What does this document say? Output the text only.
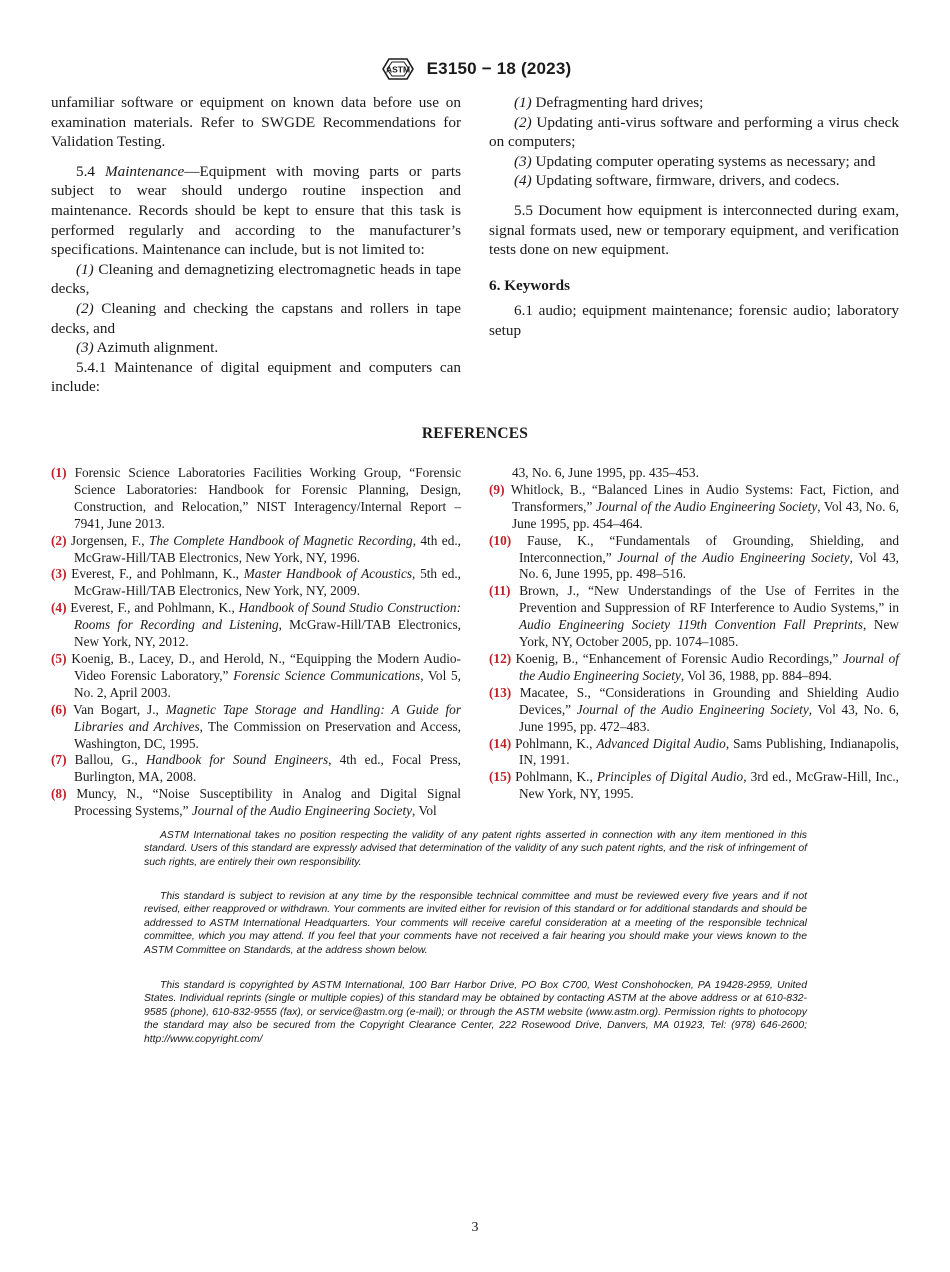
ASTM E3150 − 18 (2023)

unfamiliar software or equipment on known data before use on examination materials. Refer to SWGDE Recommendations for Validation Testing.

5.4 Maintenance—Equipment with moving parts or parts subject to wear should undergo routine inspection and maintenance. Records should be kept to ensure that this task is performed regularly and according to the manufacturer’s specifications. Maintenance can include, but is not limited to:

(1) Cleaning and demagnetizing electromagnetic heads in tape decks,

(2) Cleaning and checking the capstans and rollers in tape decks, and

(3) Azimuth alignment.

5.4.1 Maintenance of digital equipment and computers can include:

(1) Defragmenting hard drives;

(2) Updating anti-virus software and performing a virus check on computers;

(3) Updating computer operating systems as necessary; and

(4) Updating software, firmware, drivers, and codecs.

5.5 Document how equipment is interconnected during exam, signal formats used, new or temporary equipment, and verification tests done on new equipment.

6. Keywords

6.1 audio; equipment maintenance; forensic audio; laboratory setup

REFERENCES

(1) Forensic Science Laboratories Facilities Working Group, “Forensic Science Laboratories: Handbook for Forensic Planning, Design, Construction, and Relocation,” NIST Interagency/Internal Report – 7941, June 2013.

(2) Jorgensen, F., The Complete Handbook of Magnetic Recording, 4th ed., McGraw-Hill/TAB Electronics, New York, NY, 1996.

(3) Everest, F., and Pohlmann, K., Master Handbook of Acoustics, 5th ed., McGraw-Hill/TAB Electronics, New York, NY, 2009.

(4) Everest, F., and Pohlmann, K., Handbook of Sound Studio Construction: Rooms for Recording and Listening, McGraw-Hill/TAB Electronics, New York, NY, 2012.

(5) Koenig, B., Lacey, D., and Herold, N., “Equipping the Modern Audio-Video Forensic Laboratory,” Forensic Science Communications, Vol 5, No. 2, April 2003.

(6) Van Bogart, J., Magnetic Tape Storage and Handling: A Guide for Libraries and Archives, The Commission on Preservation and Access, Washington, DC, 1995.

(7) Ballou, G., Handbook for Sound Engineers, 4th ed., Focal Press, Burlington, MA, 2008.

(8) Muncy, N., “Noise Susceptibility in Analog and Digital Signal Processing Systems,” Journal of the Audio Engineering Society, Vol

43, No. 6, June 1995, pp. 435–453.

(9) Whitlock, B., “Balanced Lines in Audio Systems: Fact, Fiction, and Transformers,” Journal of the Audio Engineering Society, Vol 43, No. 6, June 1995, pp. 454–464.

(10) Fause, K., “Fundamentals of Grounding, Shielding, and Interconnection,” Journal of the Audio Engineering Society, Vol 43, No. 6, June 1995, pp. 498–516.

(11) Brown, J., “New Understandings of the Use of Ferrites in the Prevention and Suppression of RF Interference to Audio Systems,” in Audio Engineering Society 119th Convention Fall Preprints, New York, NY, October 2005, pp. 1074–1085.

(12) Koenig, B., “Enhancement of Forensic Audio Recordings,” Journal of the Audio Engineering Society, Vol 36, 1988, pp. 884–894.

(13) Macatee, S., “Considerations in Grounding and Shielding Audio Devices,” Journal of the Audio Engineering Society, Vol 43, No. 6, June 1995, pp. 472–483.

(14) Pohlmann, K., Advanced Digital Audio, Sams Publishing, Indianapolis, IN, 1991.

(15) Pohlmann, K., Principles of Digital Audio, 3rd ed., McGraw-Hill, Inc., New York, NY, 1995.

ASTM International takes no position respecting the validity of any patent rights asserted in connection with any item mentioned in this standard. Users of this standard are expressly advised that determination of the validity of any such patent rights, and the risk of infringement of such rights, are entirely their own responsibility.

This standard is subject to revision at any time by the responsible technical committee and must be reviewed every five years and if not revised, either reapproved or withdrawn. Your comments are invited either for revision of this standard or for additional standards and should be addressed to ASTM International Headquarters. Your comments will receive careful consideration at a meeting of the responsible technical committee, which you may attend. If you feel that your comments have not received a fair hearing you should make your views known to the ASTM Committee on Standards, at the address shown below.

This standard is copyrighted by ASTM International, 100 Barr Harbor Drive, PO Box C700, West Conshohocken, PA 19428-2959, United States. Individual reprints (single or multiple copies) of this standard may be obtained by contacting ASTM at the above address or at 610-832-9585 (phone), 610-832-9555 (fax), or service@astm.org (e-mail); or through the ASTM website (www.astm.org). Permission rights to photocopy the standard may also be secured from the Copyright Clearance Center, 222 Rosewood Drive, Danvers, MA 01923, Tel: (978) 646-2600; http://www.copyright.com/

3
